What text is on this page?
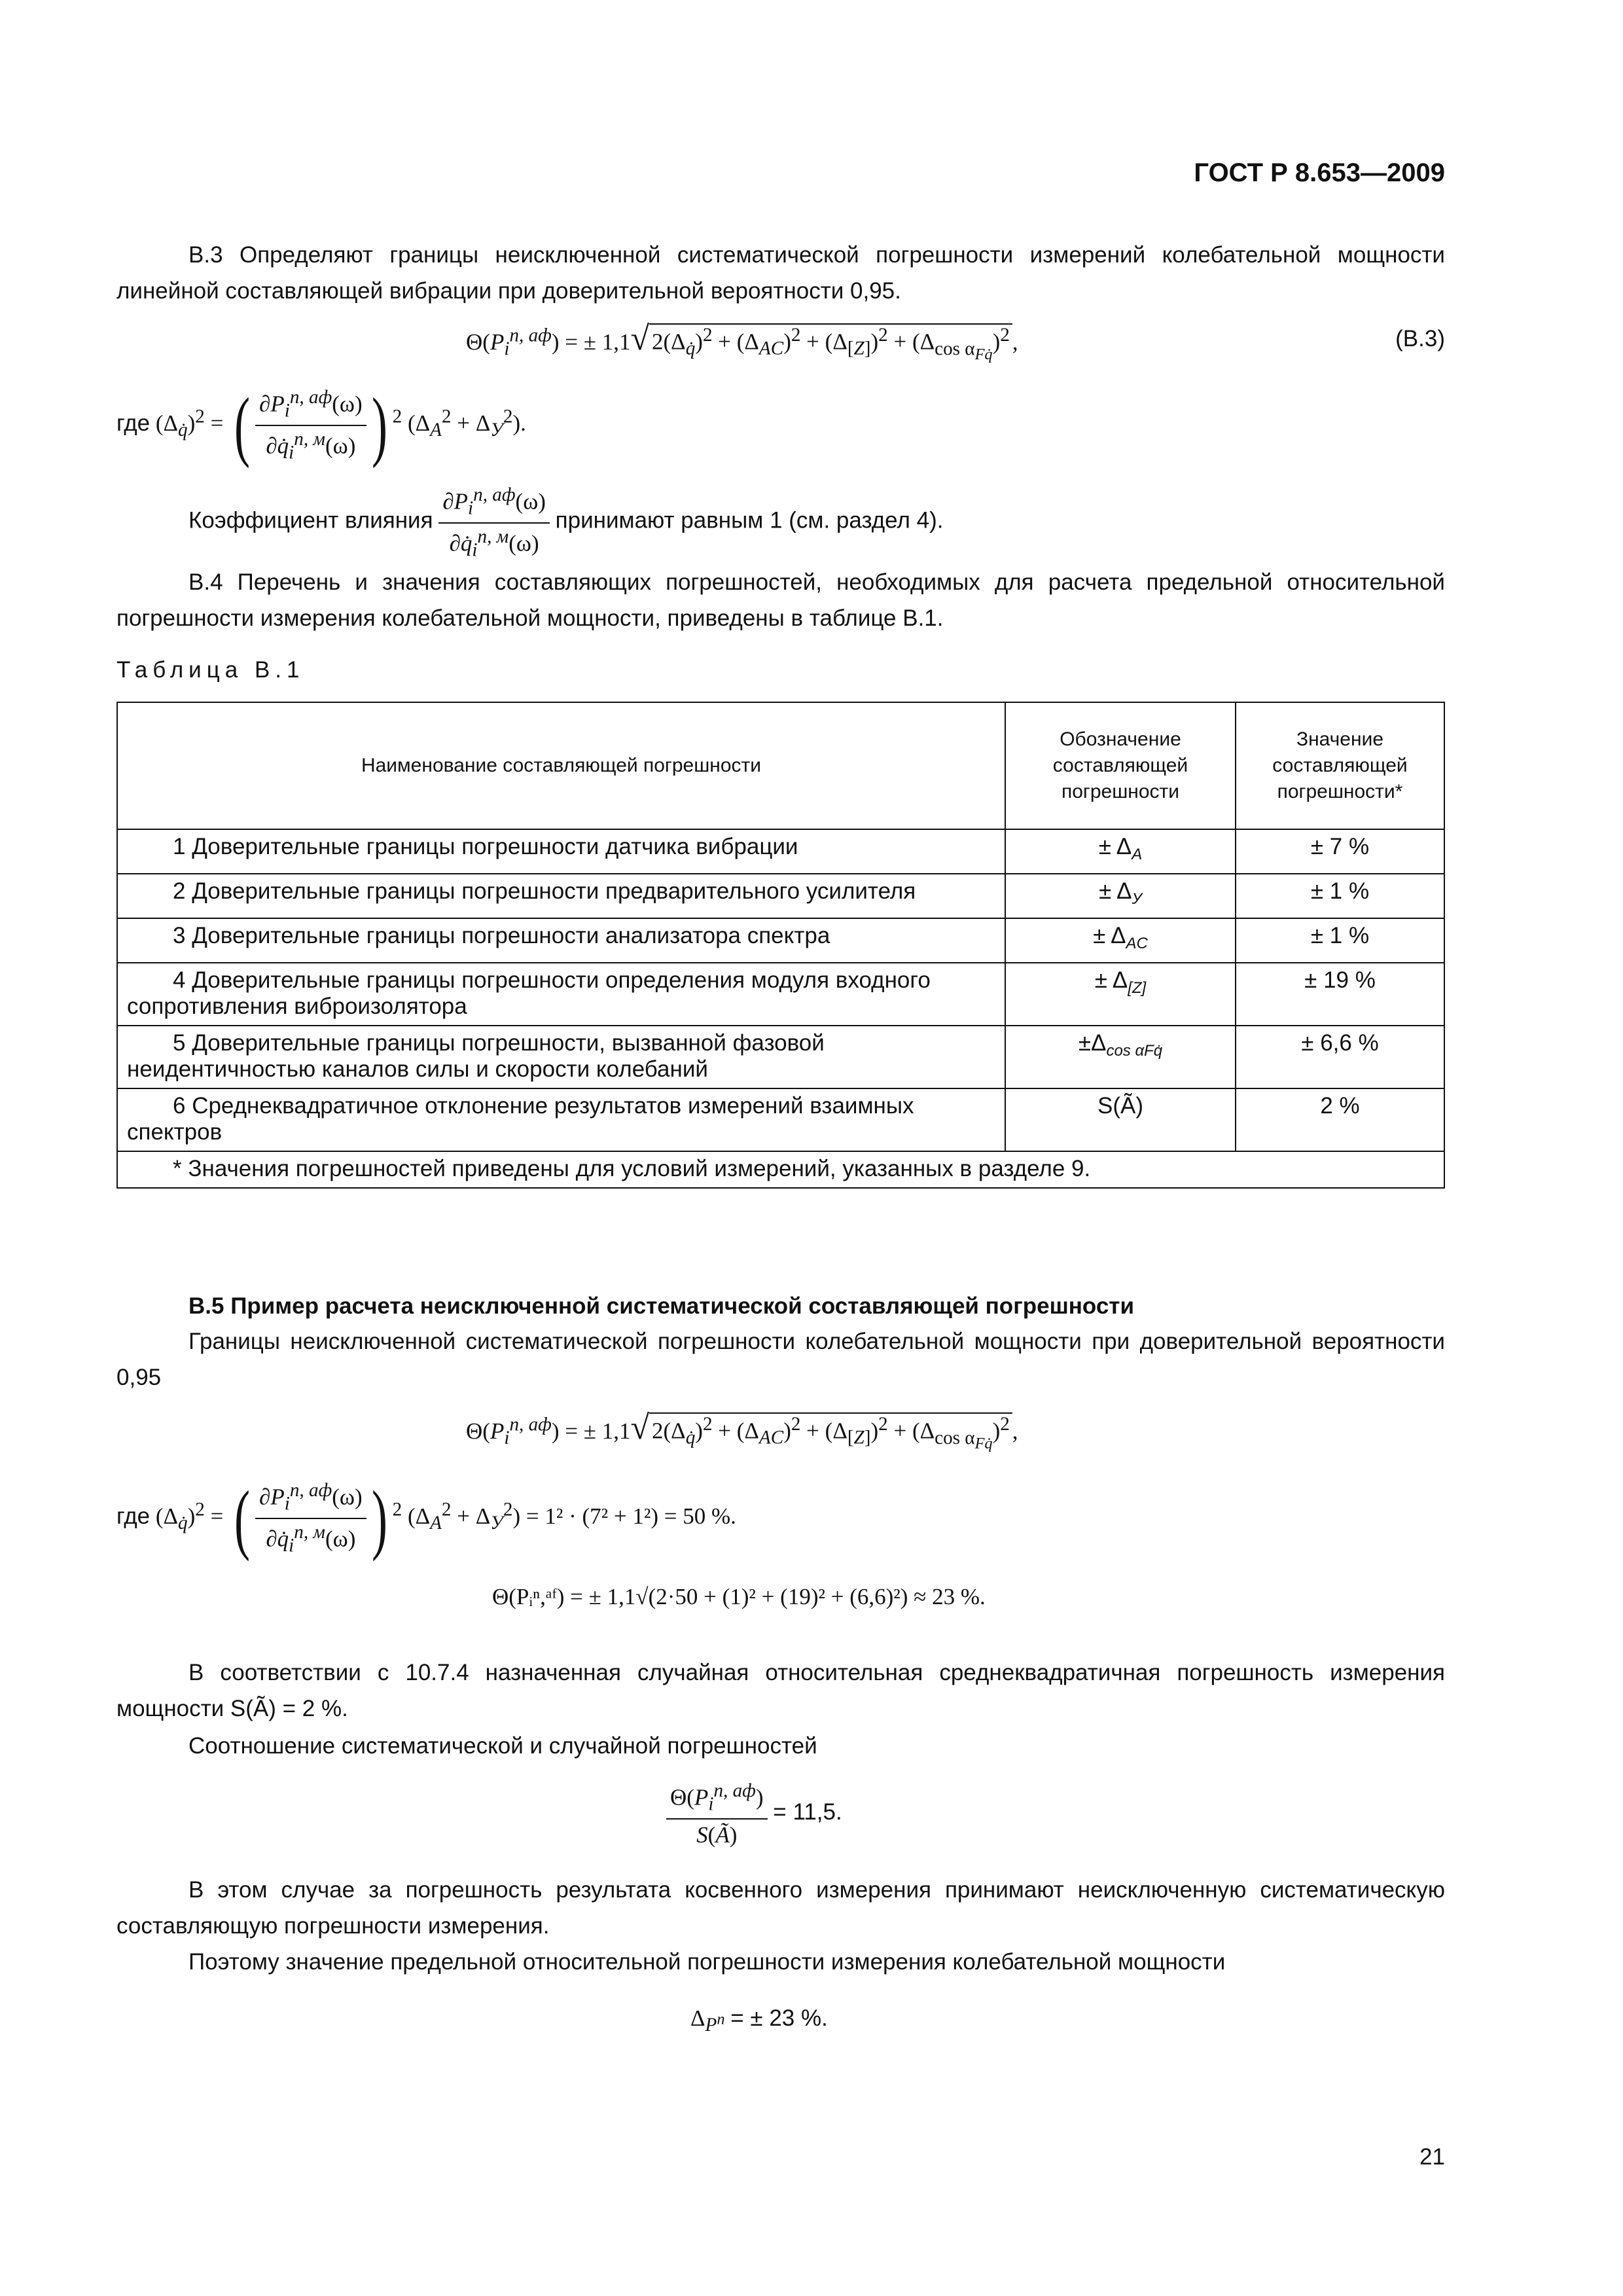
ГОСТ Р 8.653—2009
В.3 Определяют границы неисключенной систематической погрешности измерений колебательной мощности линейной составляющей вибрации при доверительной вероятности 0,95.
$\Theta(P_i^{n, аф})$ = ± 1,1√ $2(\Delta_{q̇})^2 + (\Delta_{AC})^2 + (\Delta_{[Z]})^2 + (\Delta_{cos \alpha_{Fq̇}})^2$ ,	(В.3)
где $(\Delta_{q̇})^2$ = ( $\frac{\partial P_i^{n, аф}(\omega)}{\partial q̇_i^{n, м}(\omega)}$ ) $^2$ $(\Delta_A^2 + \Delta_У^2)$.
Коэффициент влияния $\frac{\partial P_i^{n, аф}(\omega)}{\partial q̇_i^{n, м}(\omega)}$ принимают равным 1 (см. раздел 4).
В.4 Перечень и значения составляющих погрешностей, необходимых для расчета предельной относительной погрешности измерения колебательной мощности, приведены в таблице В.1.
Таблица В.1
Наименование составляющей погрешности	Обозначение составляющей погрешности	Значение составляющей погрешности*
1 Доверительные границы погрешности датчика вибрации	± $\Delta_A$	± 7 %
2 Доверительные границы погрешности предварительного усилителя	± $\Delta_У$	± 1 %
3 Доверительные границы погрешности анализатора спектра	± $\Delta_{AC}$	± 1 %
4 Доверительные границы погрешности определения модуля входного сопротивления виброизолятора	± $\Delta_{[Z]}$	± 19 %
5 Доверительные границы погрешности, вызванной фазовой неидентичностью каналов силы и скорости колебаний	$\pm\Delta_{cos \alpha Fq̇}$	± 6,6 %
6 Среднеквадратичное отклонение результатов измерений взаимных спектров	S(Ã)	2 %
* Значения погрешностей приведены для условий измерений, указанных в разделе 9.		
В.5 Пример расчета неисключенной систематической составляющей погрешности
Границы неисключенной систематической погрешности колебательной мощности при доверительной вероятности 0,95
$\Theta(P_i^{n, аф})$ = ± 1,1√ $2(\Delta_{q̇})^2 + (\Delta_{AC})^2 + (\Delta_{[Z]})^2 + (\Delta_{cos \alpha_{Fq̇}})^2$ ,
где $(\Delta_{q̇})^2$ = ( $\frac{\partial P_i^{n, аф}(\omega)}{\partial q̇_i^{n, м}(\omega)}$ ) $^2$ $(\Delta_A^2 + \Delta_У^2) = 1^2 \cdot (7^2 + 1^2) = 50$ %.
Θ(Pᵢⁿ,ᵃᶠ) = ± 1,1√(2·50 + (1)² + (19)² + (6,6)²) ≈ 23 %.
В соответствии с 10.7.4 назначенная случайная относительная среднеквадратичная погрешность измерения мощности S(Ã) = 2 %.
Соотношение систематической и случайной погрешностей
$\frac{\Theta(P_i^{n, аф})}{S(Ã)} = 11,5$.
В этом случае за погрешность результата косвенного измерения принимают неисключенную систематическую составляющую погрешности измерения.
Поэтому значение предельной относительной погрешности измерения колебательной мощности
$\Delta_{P^n}$ = ± 23 %.
21
